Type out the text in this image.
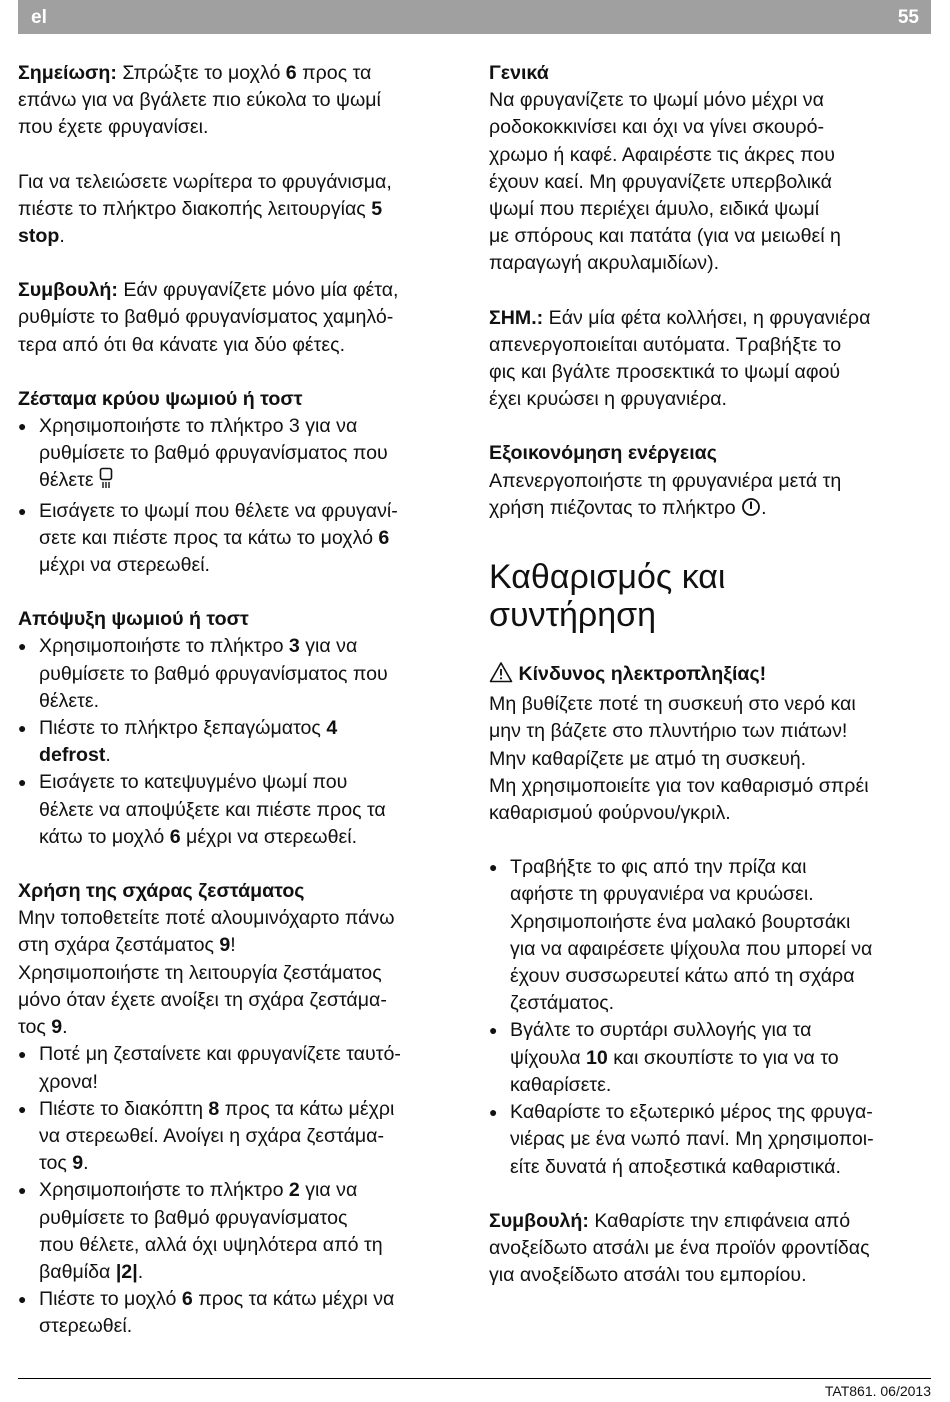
el	55

Σημείωση: Σπρώξτε το μοχλό 6 προς τα
επάνω για να βγάλετε πιο εύκολα το ψωμί
που έχετε φρυγανίσει.

Για να τελειώσετε νωρίτερα το φρυγάνισμα,
πιέστε το πλήκτρο διακοπής λειτουργίας 5
stop.

Συμβουλή: Εάν φρυγανίζετε μόνο μία φέτα,
ρυθμίστε το βαθμό φρυγανίσματος χαμηλό-
τερα από ότι θα κάνατε για δύο φέτες.

Ζέσταμα κρύου ψωμιού ή τοστ

● Χρησιμοποιήστε το πλήκτρο 3 για να
ρυθμίσετε το βαθμό φρυγανίσματος που
θέλετε

● Εισάγετε το ψωμί που θέλετε να φρυγανί-
σετε και πιέστε προς τα κάτω το μοχλό 6
μέχρι να στερεωθεί.

Απόψυξη ψωμιού ή τοστ

● Χρησιμοποιήστε το πλήκτρο 3 για να
ρυθμίσετε το βαθμό φρυγανίσματος που
θέλετε.

● Πιέστε το πλήκτρο ξεπαγώματος 4
defrost.

● Εισάγετε το κατεψυγμένο ψωμί που
θέλετε να αποψύξετε και πιέστε προς τα
κάτω το μοχλό 6 μέχρι να στερεωθεί.

Χρήση της σχάρας ζεστάματος

Μην τοποθετείτε ποτέ αλουμινόχαρτο πάνω
στη σχάρα ζεστάματος 9!
Χρησιμοποιήστε τη λειτουργία ζεστάματος
μόνο όταν έχετε ανοίξει τη σχάρα ζεστάμα-
τος 9.

● Ποτέ μη ζεσταίνετε και φρυγανίζετε ταυτό-
χρονα!

● Πιέστε το διακόπτη 8 προς τα κάτω μέχρι
να στερεωθεί. Ανοίγει η σχάρα ζεστάμα-
τος 9.

● Χρησιμοποιήστε το πλήκτρο 2 για να
ρυθμίσετε το βαθμό φρυγανίσματος
που θέλετε, αλλά όχι υψηλότερα από τη
βαθμίδα |2|.

● Πιέστε το μοχλό 6 προς τα κάτω μέχρι να
στερεωθεί.

Γενικά

Να φρυγανίζετε το ψωμί μόνο μέχρι να
ροδοκοκκινίσει και όχι να γίνει σκουρό-
χρωμο ή καφέ. Αφαιρέστε τις άκρες που
έχουν καεί. Μη φρυγανίζετε υπερβολικά
ψωμί που περιέχει άμυλο, ειδικά ψωμί
με σπόρους και πατάτα (για να μειωθεί η
παραγωγή ακρυλαμιδίων).

ΣΗΜ.: Εάν μία φέτα κολλήσει, η φρυγανιέρα
απενεργοποιείται αυτόματα. Τραβήξτε το
φις και βγάλτε προσεκτικά το ψωμί αφού
έχει κρυώσει η φρυγανιέρα.

Εξοικονόμηση ενέργειας

Απενεργοποιήστε τη φρυγανιέρα μετά τη
χρήση πιέζοντας το πλήκτρο .

Καθαρισμός και
συντήρηση

Κίνδυνος ηλεκτροπληξίας!

Μη βυθίζετε ποτέ τη συσκευή στο νερό και
μην τη βάζετε στο πλυντήριο των πιάτων!
Μην καθαρίζετε με ατμό τη συσκευή.
Μη χρησιμοποιείτε για τον καθαρισμό σπρέι
καθαρισμού φούρνου/γκριλ.

● Τραβήξτε το φις από την πρίζα και
αφήστε τη φρυγανιέρα να κρυώσει.
Χρησιμοποιήστε ένα μαλακό βουρτσάκι
για να αφαιρέσετε ψίχουλα που μπορεί να
έχουν συσσωρευτεί κάτω από τη σχάρα
ζεστάματος.

● Βγάλτε το συρτάρι συλλογής για τα
ψίχουλα 10 και σκουπίστε το για να το
καθαρίσετε.

● Καθαρίστε το εξωτερικό μέρος της φρυγα-
νιέρας με ένα νωπό πανί. Μη χρησιμοποι-
είτε δυνατά ή αποξεστικά καθαριστικά.

Συμβουλή: Καθαρίστε την επιφάνεια από
ανοξείδωτο ατσάλι με ένα προϊόν φροντίδας
για ανοξείδωτο ατσάλι του εμπορίου.

TAT861. 06/2013
